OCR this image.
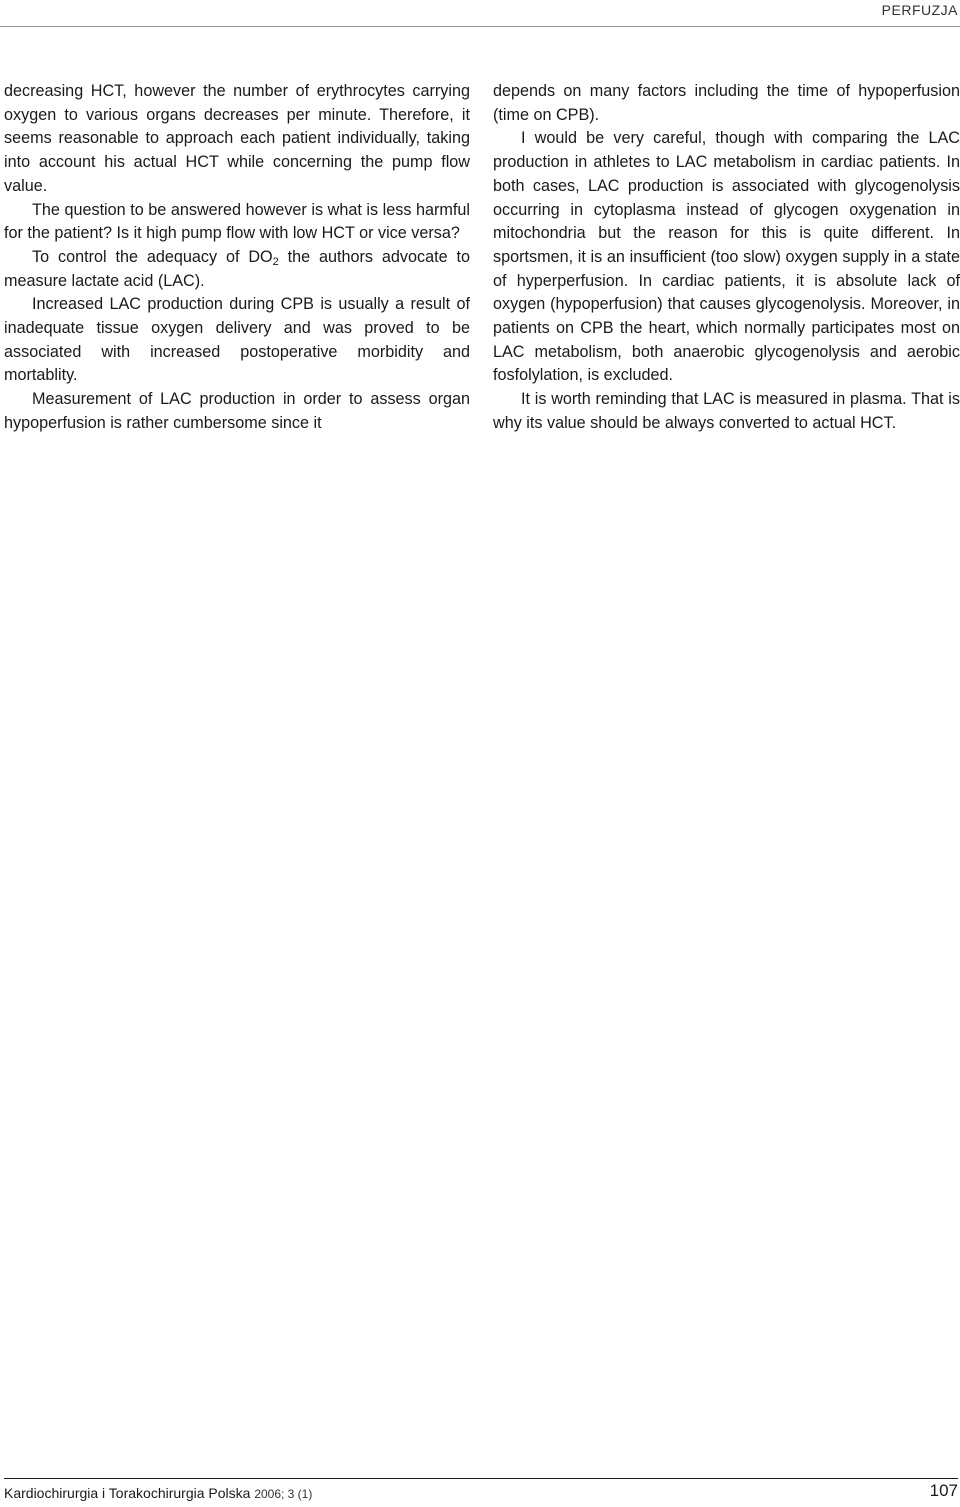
PERFUZJA

decreasing HCT, however the number of erythrocytes carrying oxygen to various organs decreases per minute. Therefore, it seems reasonable to approach each patient individually, taking into account his actual HCT while concerning the pump flow value.

The question to be answered however is what is less harmful for the patient? Is it high pump flow with low HCT or vice versa?

To control the adequacy of $DO_2$ the authors advocate to measure lactate acid (LAC).

Increased LAC production during CPB is usually a result of inadequate tissue oxygen delivery and was proved to be associated with increased postoperative morbidity and mortablity.

Measurement of LAC production in order to assess organ hypoperfusion is rather cumbersome since it

depends on many factors including the time of hypoperfusion (time on CPB).

I would be very careful, though with comparing the LAC production in athletes to LAC metabolism in cardiac patients. In both cases, LAC production is associated with glycogenolysis occurring in cytoplasma instead of glycogen oxygenation in mitochondria but the reason for this is quite different. In sportsmen, it is an insufficient (too slow) oxygen supply in a state of hyperperfusion. In cardiac patients, it is absolute lack of oxygen (hypoperfusion) that causes glycogenolysis. Moreover, in patients on CPB the heart, which normally participates most on LAC metabolism, both anaerobic glycogenolysis and aerobic fosfolylation, is excluded.

It is worth reminding that LAC is measured in plasma. That is why its value should be always converted to actual HCT.

Kardiochirurgia i Torakochirurgia Polska 2006; 3 (1)	107
